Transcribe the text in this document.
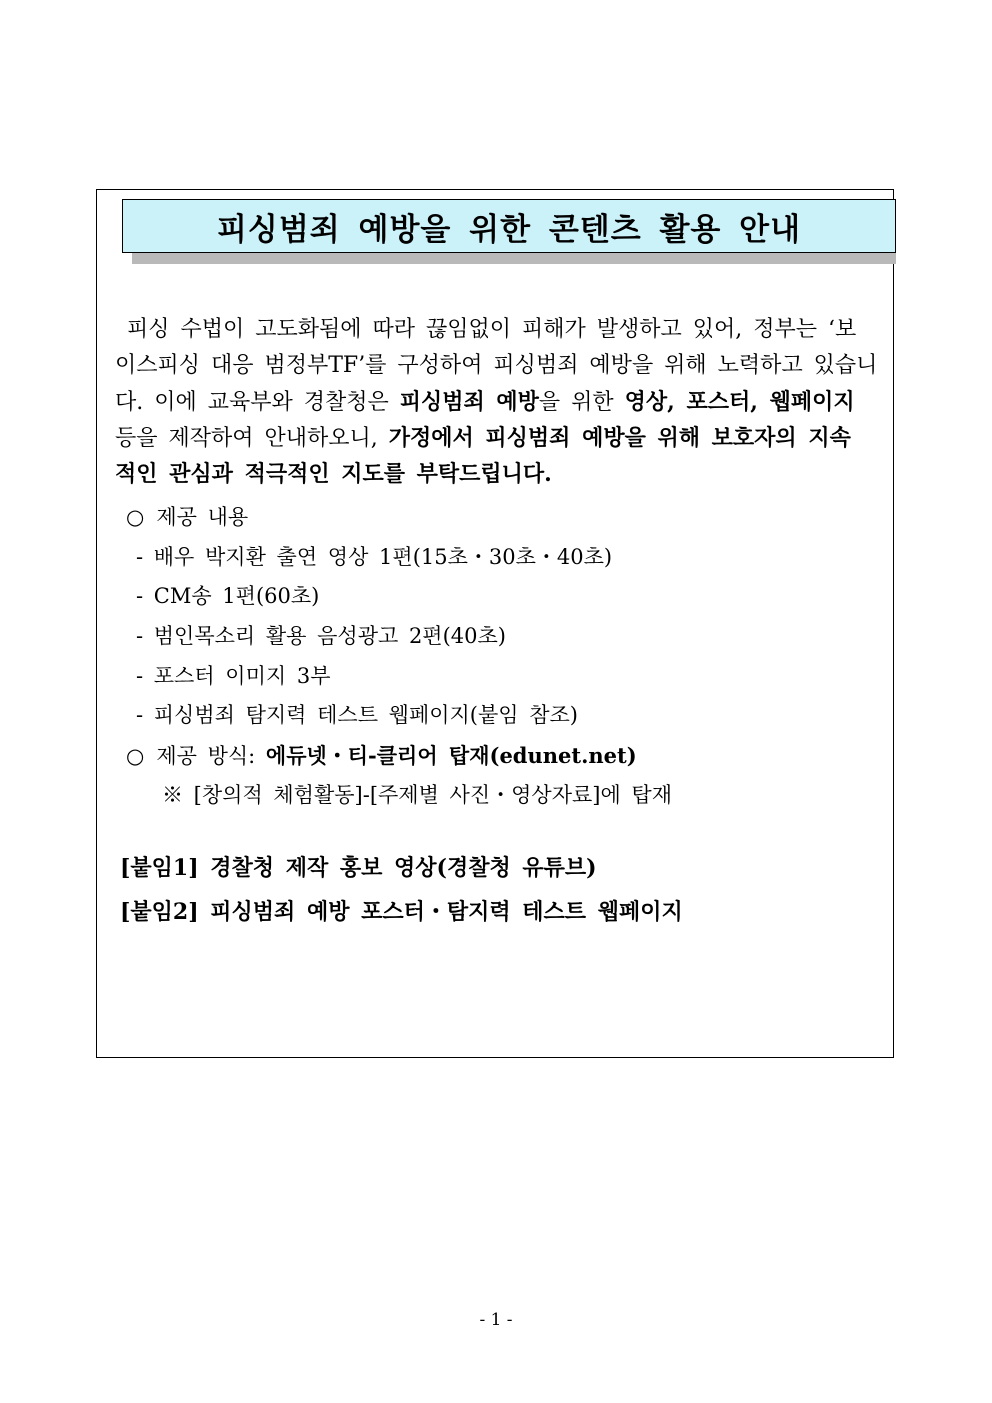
피싱범죄 예방을 위한 콘텐츠 활용 안내
피싱 수법이 고도화됨에 따라 끊임없이 피해가 발생하고 있어, 정부는 ‘보
이스피싱 대응 범정부TF’를 구성하여 피싱범죄 예방을 위해 노력하고 있습니
다. 이에 교육부와 경찰청은 피싱범죄 예방을 위한 영상, 포스터, 웹페이지
등을 제작하여 안내하오니, 가정에서 피싱범죄 예방을 위해 보호자의 지속
적인 관심과 적극적인 지도를 부탁드립니다.
○ 제공 내용
- 배우 박지환 출연 영상 1편(15초・30초・40초)
- CM송 1편(60초)
- 범인목소리 활용 음성광고 2편(40초)
- 포스터 이미지 3부
- 피싱범죄 탐지력 테스트 웹페이지(붙임 참조)
○ 제공 방식: 에듀넷・티-클리어 탑재(edunet.net)
※ [창의적 체험활동]-[주제별 사진・영상자료]에 탑재
[붙임1] 경찰청 제작 홍보 영상(경찰청 유튜브)
[붙임2] 피싱범죄 예방 포스터・탐지력 테스트 웹페이지
- 1 -
